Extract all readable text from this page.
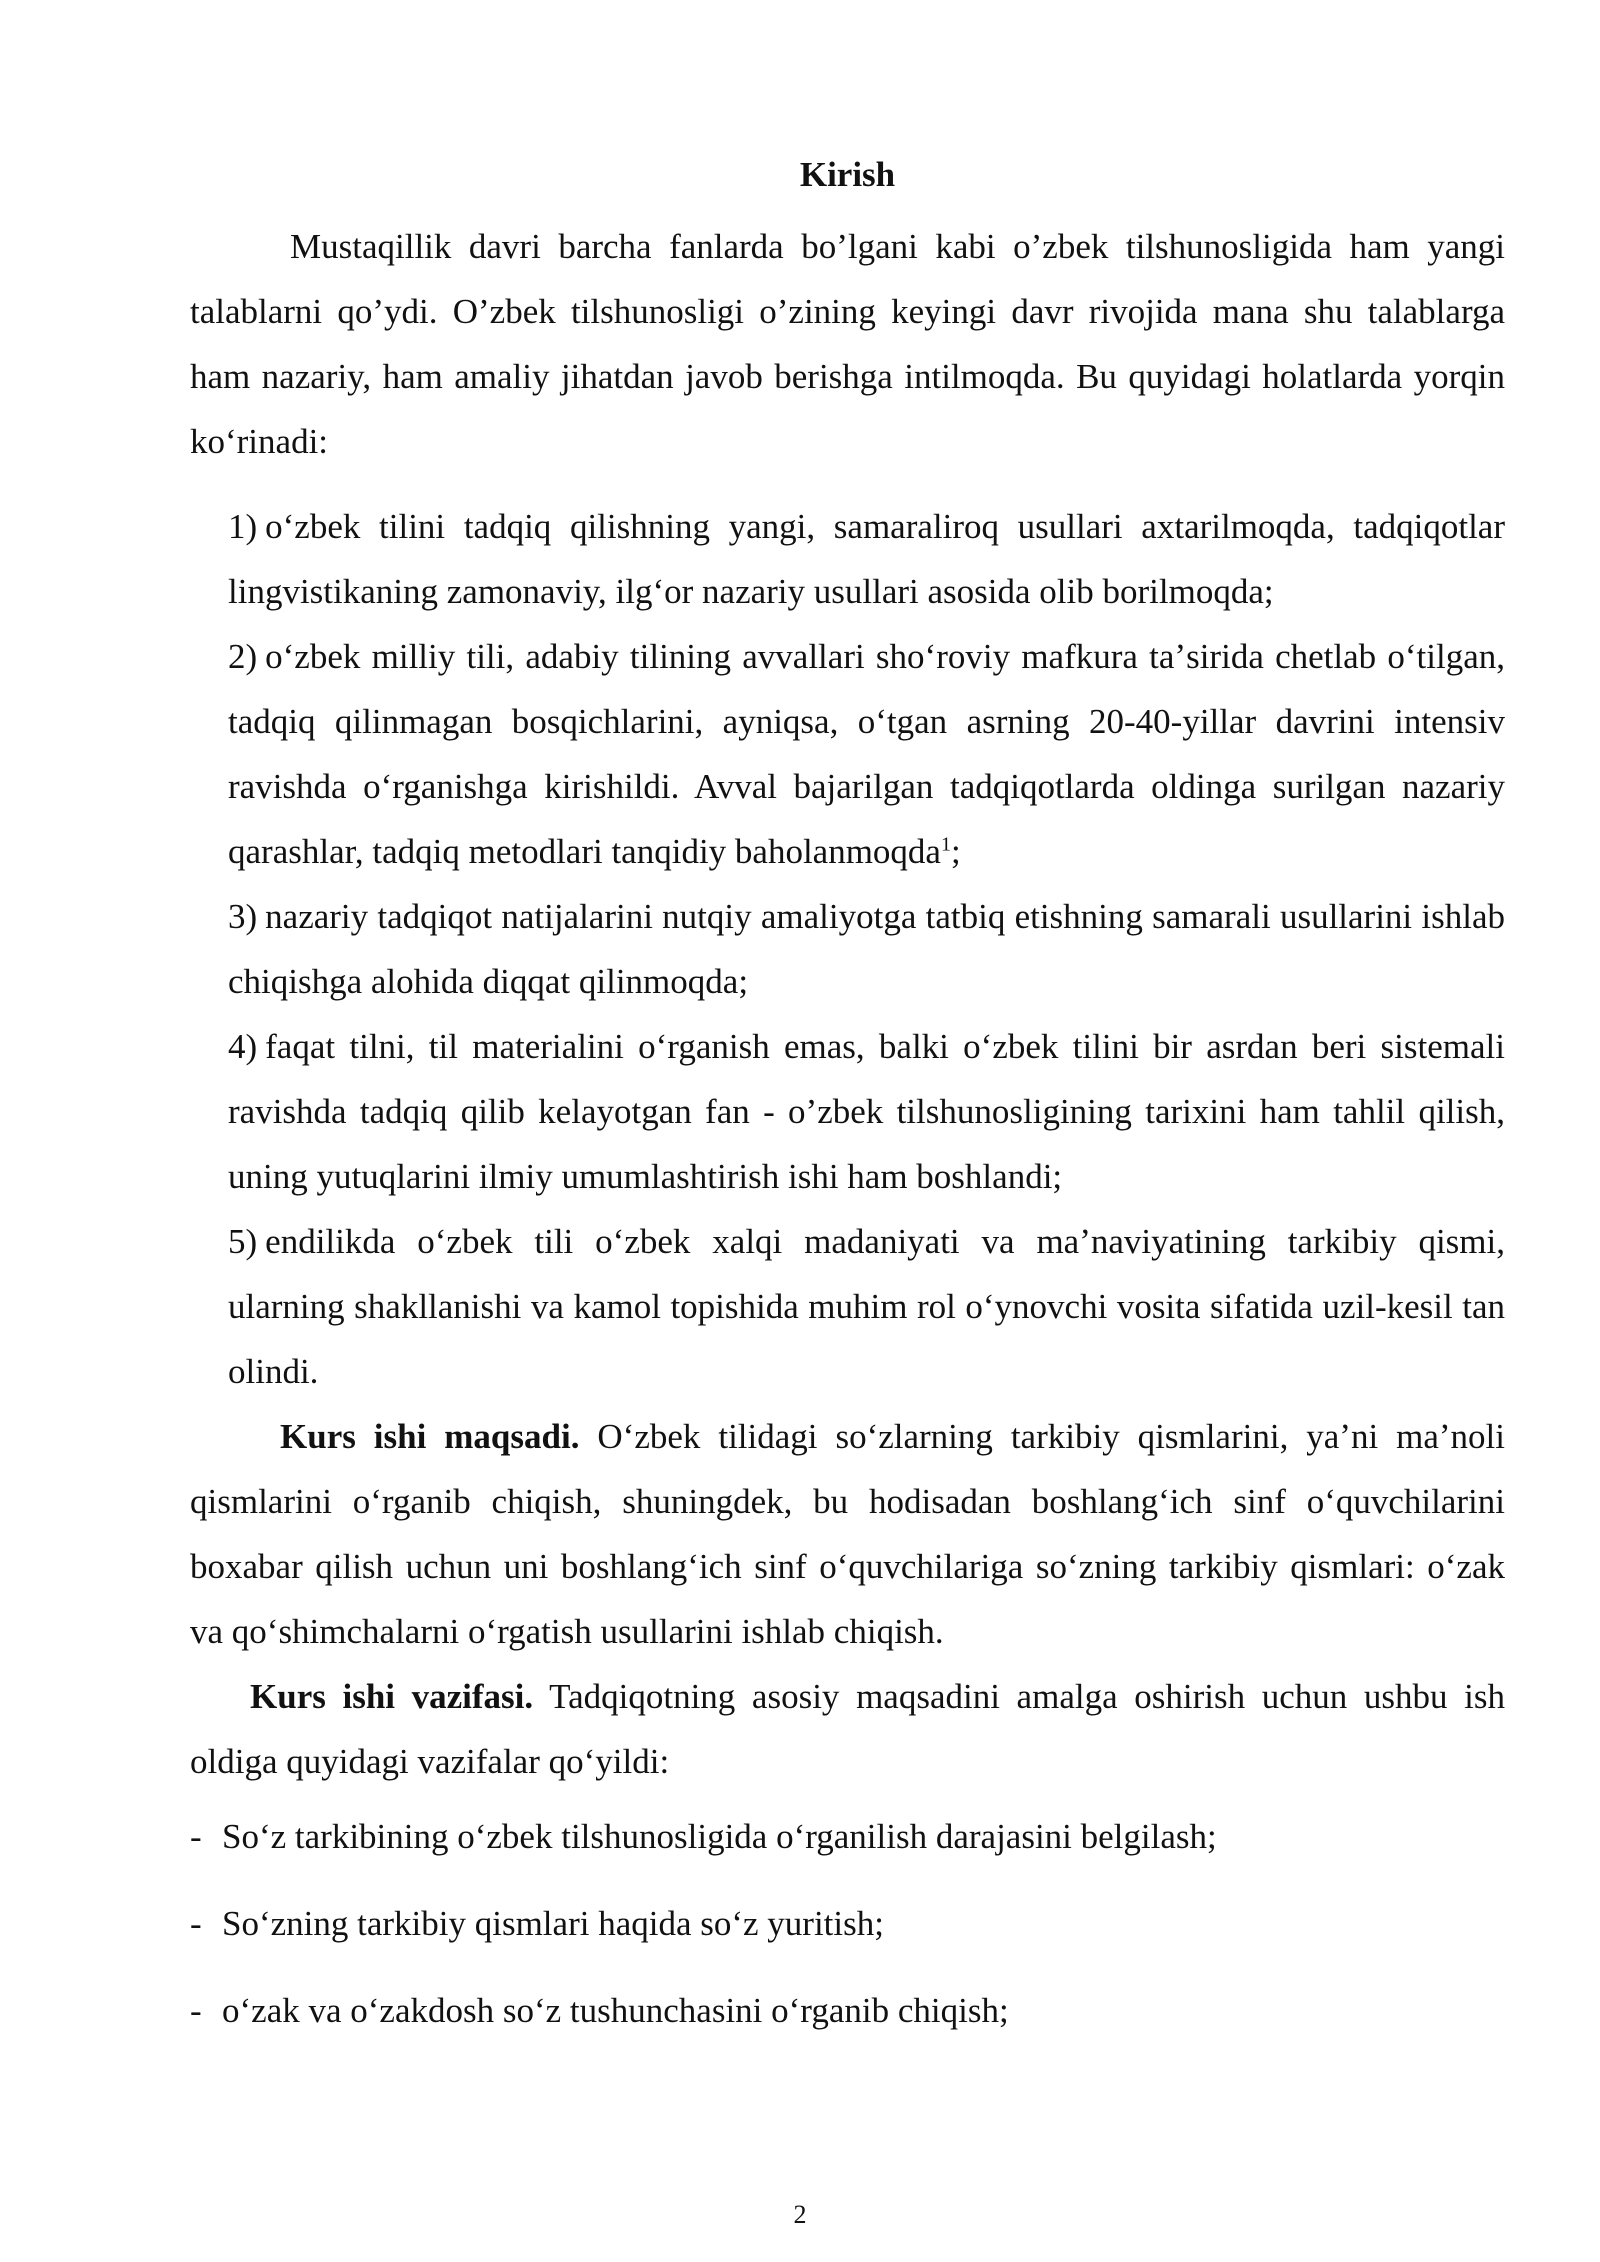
Kirish

Mustaqillik davri barcha fanlarda bo’lgani kabi o’zbek tilshunosligida ham yangi talablarni qo’ydi. O’zbek tilshunosligi o’zining keyingi davr rivojida mana shu talablarga ham nazariy, ham amaliy jihatdan javob berishga intilmoqda. Bu quyidagi holatlarda yorqin koʻrinadi:

1) oʻzbek tilini tadqiq qilishning yangi, samaraliroq usullari axtarilmoqda, tadqiqotlar lingvistikaning zamonaviy, ilgʻor nazariy usullari asosida olib borilmoqda;
2) oʻzbek milliy tili, adabiy tilining avvallari shoʻroviy mafkura taʼsirida chetlab oʻtilgan, tadqiq qilinmagan bosqichlarini, ayniqsa, oʻtgan asrning 20-40-yillar davrini intensiv ravishda oʻrganishga kirishildi. Avval bajarilgan tadqiqotlarda oldinga surilgan nazariy qarashlar, tadqiq metodlari tanqidiy baholanmoqda$^1$;
3) nazariy tadqiqot natijalarini nutqiy amaliyotga tatbiq etishning samarali usullarini ishlab chiqishga alohida diqqat qilinmoqda;
4) faqat tilni, til materialini oʻrganish emas, balki oʻzbek tilini bir asrdan beri sistemali ravishda tadqiq qilib kelayotgan fan - o’zbek tilshunosligining tarixini ham tahlil qilish, uning yutuqlarini ilmiy umumlashtirish ishi ham boshlandi;
5) endilikda oʻzbek tili oʻzbek xalqi madaniyati va maʼnaviyatining tarkibiy qismi, ularning shakllanishi va kamol topishida muhim rol oʻynovchi vosita sifatida uzil-kesil tan olindi.

Kurs ishi maqsadi. Oʻzbek tilidagi soʻzlarning tarkibiy qismlarini, yaʼni maʼnoli qismlarini oʻrganib chiqish, shuningdek, bu hodisadan boshlangʻich sinf oʻquvchilarini boxabar qilish uchun uni boshlangʻich sinf oʻquvchilariga soʻzning tarkibiy qismlari: oʻzak va qoʻshimchalarni oʻrgatish usullarini ishlab chiqish.

Kurs ishi vazifasi. Tadqiqotning asosiy maqsadini amalga oshirish uchun ushbu ish oldiga quyidagi vazifalar qoʻyildi:

- Soʻz tarkibining oʻzbek tilshunosligida oʻrganilish darajasini belgilash;
- Soʻzning tarkibiy qismlari haqida soʻz yuritish;
- oʻzak va oʻzakdosh soʻz tushunchasini oʻrganib chiqish;
2
